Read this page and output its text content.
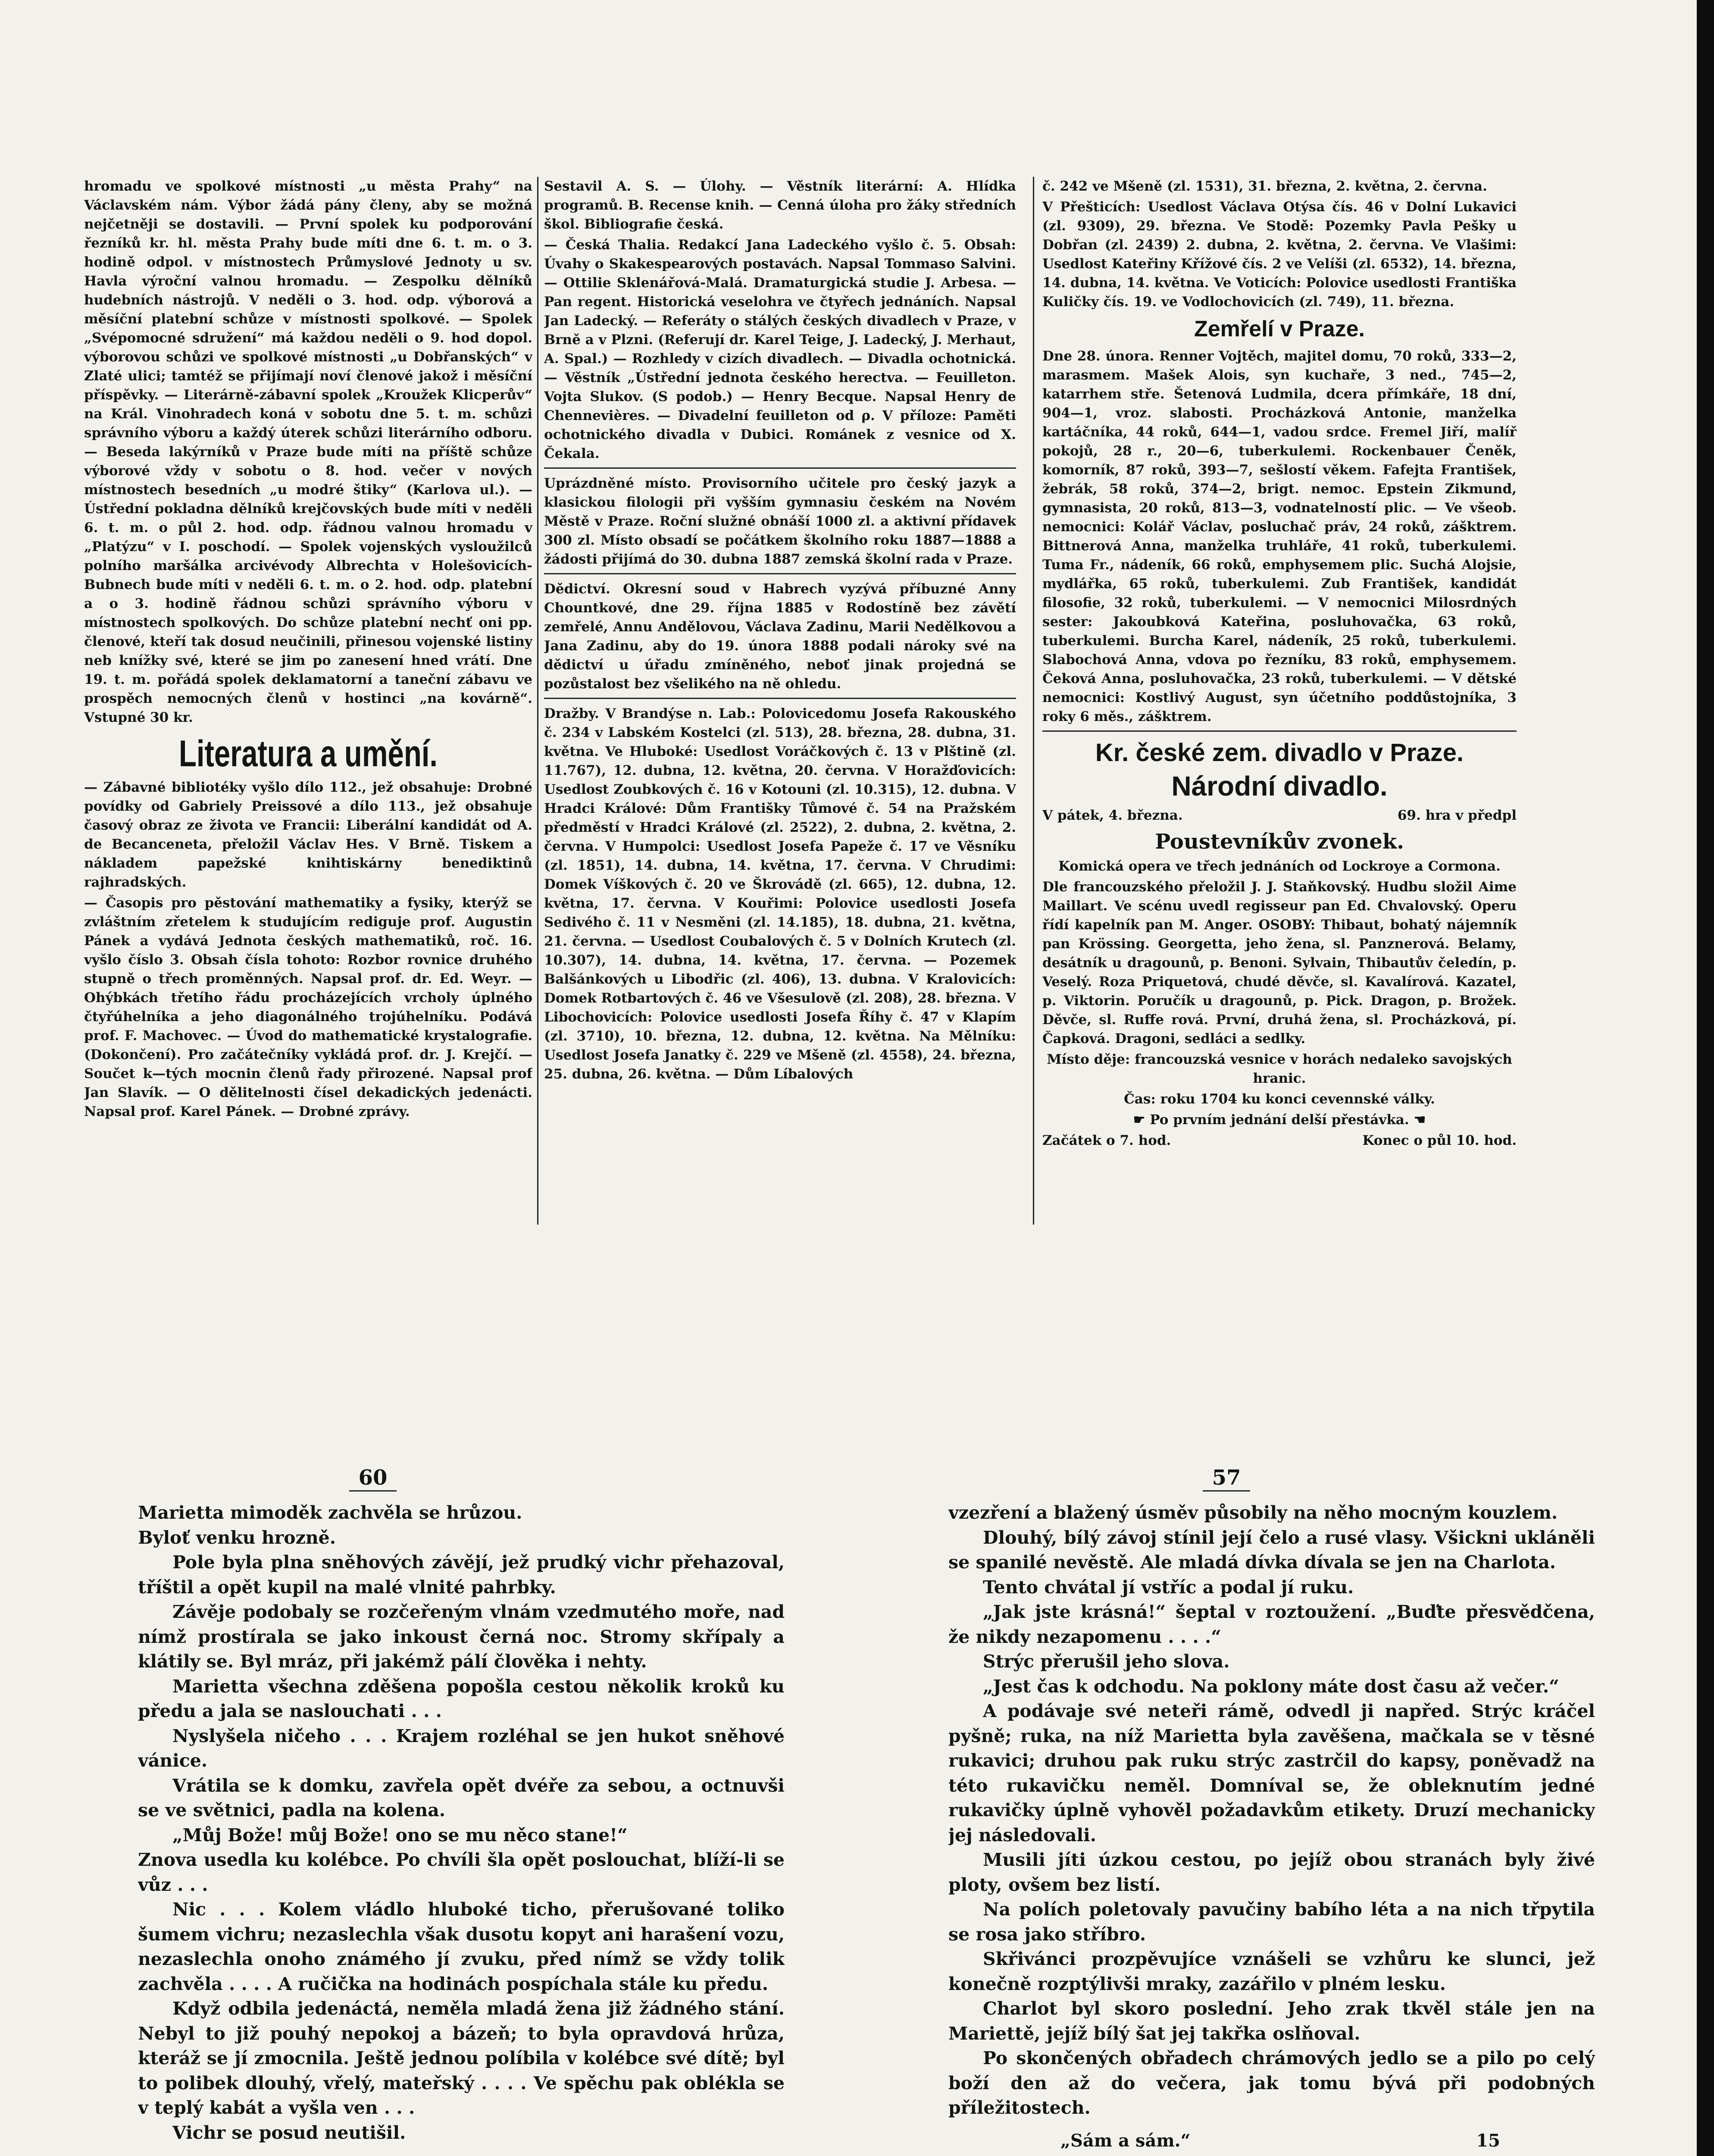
hromadu ve spolkové místnosti „u města Prahy“ na Václavském nám. Výbor žádá pány členy, aby se možná nejčetněji se dostavili. — První spolek ku podporování řezníků kr. hl. města Prahy bude míti dne 6. t. m. o 3. hodině odpol. v místnostech Průmyslové Jednoty u sv. Havla výroční valnou hromadu. — Zespolku dělníků hudebních nástrojů. V neděli o 3. hod. odp. výborová a měsíční platební schůze v místnosti spolkové. — Spolek „Svépomocné sdružení“ má každou neděli o 9. hod dopol. výborovou schůzi ve spolkové místnosti „u Dobřanských“ v Zlaté ulici; tamtéž se přijímají noví členové jakož i měsíční příspěvky. — Literárně-zábavní spolek „Kroužek Klicperův“ na Král. Vinohradech koná v sobotu dne 5. t. m. schůzi správního výboru a každý úterek schůzi literárního odboru. — Beseda lakýrníků v Praze bude míti na příště schůze výborové vždy v sobotu o 8. hod. večer v nových místnostech besedních „u modré štiky“ (Karlova ul.). — Ústřední pokladna dělníků krejčovských bude míti v neděli 6. t. m. o půl 2. hod. odp. řádnou valnou hromadu v „Platýzu“ v I. poschodí. — Spolek vojenských vysloužilců polního maršálka arcivévody Albrechta v Holešovicích-Bubnech bude míti v neděli 6. t. m. o 2. hod. odp. platební a o 3. hodině řádnou schůzi správního výboru v místnostech spolkových. Do schůze platební nechť oni pp. členové, kteří tak dosud neučinili, přinesou vojenské listiny neb knížky své, které se jim po zanesení hned vrátí. Dne 19. t. m. pořádá spolek deklamatorní a taneční zábavu ve prospěch nemocných členů v hostinci „na kovárně“. Vstupné 30 kr.

Literatura a umění.

— Zábavné bibliotéky vyšlo dílo 112., jež obsahuje: Drobné povídky od Gabriely Preissové a dílo 113., jež obsahuje časový obraz ze života ve Francii: Liberální kandidát od A. de Becanceneta, přeložil Václav Hes. V Brně. Tiskem a nákladem papežské knihtiskárny benediktinů rajhradských.

— Časopis pro pěstování mathematiky a fysiky, kterýž se zvláštním zřetelem k studujícím rediguje prof. Augustin Pánek a vydává Jednota českých mathematiků, roč. 16. vyšlo číslo 3. Obsah čísla tohoto: Rozbor rovnice druhého stupně o třech proměnných. Napsal prof. dr. Ed. Weyr. — Ohýbkách třetího řádu procházejících vrcholy úplného čtyřúhelníka a jeho diagonálného trojúhelníku. Podává prof. F. Machovec. — Úvod do mathematické krystalografie. (Dokončení). Pro začátečníky vykládá prof. dr. J. Krejčí. — Součet k—tých mocnin členů řady přirozené. Napsal prof Jan Slavík. — O dělitelnosti čísel dekadických jedenácti. Napsal prof. Karel Pánek. — Drobné zprávy.

Sestavil A. S. — Úlohy. — Věstník literární: A. Hlídka programů. B. Recense knih. — Cenná úloha pro žáky středních škol. Bibliografie česká.

— Česká Thalia. Redakcí Jana Ladeckého vyšlo č. 5. Obsah: Úvahy o Skakespearových postavách. Napsal Tommaso Salvini. — Ottilie Sklenářová-Malá. Dramaturgická studie J. Arbesa. — Pan regent. Historická veselohra ve čtyřech jednáních. Napsal Jan Ladecký. — Referáty o stálých českých divadlech v Praze, v Brně a v Plzni. (Referují dr. Karel Teige, J. Ladecký, J. Merhaut, A. Spal.) — Rozhledy v cizích divadlech. — Divadla ochotnická. — Věstník „Ústřední jednota českého herectva. — Feuilleton. Vojta Slukov. (S podob.) — Henry Becque. Napsal Henry de Chennevières. — Divadelní feuilleton od ρ. V příloze: Paměti ochotnického divadla v Dubici. Románek z vesnice od X. Čekala.

Uprázdněné místo. Provisorního učitele pro český jazyk a klasickou filologii při vyšším gymnasiu českém na Novém Městě v Praze. Roční služné obnáší 1000 zl. a aktivní přídavek 300 zl. Místo obsadí se počátkem školního roku 1887—1888 a žádosti přijímá do 30. dubna 1887 zemská školní rada v Praze.

Dědictví. Okresní soud v Habrech vyzývá příbuzné Anny Chountkové, dne 29. října 1885 v Rodostíně bez závětí zemřelé, Annu Andělovou, Václava Zadinu, Marii Nedělkovou a Jana Zadinu, aby do 19. února 1888 podali nároky své na dědictví u úřadu zmíněného, neboť jinak projedná se pozůstalost bez všelikého na ně ohledu.

Dražby. V Brandýse n. Lab.: Polovicedomu Josefa Rakouského č. 234 v Labském Kostelci (zl. 513), 28. března, 28. dubna, 31. května. Ve Hluboké: Usedlost Voráčkových č. 13 v Plštině (zl. 11.767), 12. dubna, 12. května, 20. června. V Horažďovicích: Usedlost Zoubkových č. 16 v Kotouni (zl. 10.315), 12. dubna. V Hradci Králové: Dům Františky Tůmové č. 54 na Pražském předměstí v Hradci Králové (zl. 2522), 2. dubna, 2. května, 2. června. V Humpolci: Usedlost Josefa Papeže č. 17 ve Věsníku (zl. 1851), 14. dubna, 14. května, 17. června. V Chrudimi: Domek Víškových č. 20 ve Škrovádě (zl. 665), 12. dubna, 12. května, 17. června. V Kouřimi: Polovice usedlosti Josefa Sedivého č. 11 v Nesměni (zl. 14.185), 18. dubna, 21. května, 21. června. — Usedlost Coubalových č. 5 v Dolních Krutech (zl. 10.307), 14. dubna, 14. května, 17. června. — Pozemek Balšánkových u Libodřic (zl. 406), 13. dubna. V Kralovicích: Domek Rotbartových č. 46 ve Všesulově (zl. 208), 28. března. V Libochovicích: Polovice usedlosti Josefa Říhy č. 47 v Klapím (zl. 3710), 10. března, 12. dubna, 12. května. Na Mělníku: Usedlost Josefa Janatky č. 229 ve Mšeně (zl. 4558), 24. března, 25. dubna, 26. května. — Dům Líbalových

č. 242 ve Mšeně (zl. 1531), 31. března, 2. května, 2. června.

V Přešticích: Usedlost Václava Otýsa čís. 46 v Dolní Lukavici (zl. 9309), 29. března. Ve Stodě: Pozemky Pavla Pešky u Dobřan (zl. 2439) 2. dubna, 2. května, 2. června. Ve Vlašimi: Usedlost Kateřiny Křížové čís. 2 ve Velíši (zl. 6532), 14. března, 14. dubna, 14. května. Ve Voticích: Polovice usedlosti Františka Kuličky čís. 19. ve Vodlochovicích (zl. 749), 11. března.

Zemřelí v Praze.

Dne 28. února. Renner Vojtěch, majitel domu, 70 roků, 333—2, marasmem. Mašek Alois, syn kuchaře, 3 ned., 745—2, katarrhem stře. Šetenová Ludmila, dcera přímkáře, 18 dní, 904—1, vroz. slabosti. Procházková Antonie, manželka kartáčníka, 44 roků, 644—1, vadou srdce. Fremel Jiří, malíř pokojů, 28 r., 20—6, tuberkulemi. Rockenbauer Čeněk, komorník, 87 roků, 393—7, sešlostí věkem. Fafejta František, žebrák, 58 roků, 374—2, brigt. nemoc. Epstein Zikmund, gymnasista, 20 roků, 813—3, vodnatelností plic. — Ve všeob. nemocnici: Kolář Václav, posluchač práv, 24 roků, zášktrem. Bittnerová Anna, manželka truhláře, 41 roků, tuberkulemi. Tuma Fr., nádeník, 66 roků, emphysemem plic. Suchá Alojsie, mydlářka, 65 roků, tuberkulemi. Zub František, kandidát filosofie, 32 roků, tuberkulemi. — V nemocnici Milosrdných sester: Jakoubková Kateřina, posluhovačka, 63 roků, tuberkulemi. Burcha Karel, nádeník, 25 roků, tuberkulemi. Slabochová Anna, vdova po řezníku, 83 roků, emphysemem. Čeková Anna, posluhovačka, 23 roků, tuberkulemi. — V dětské nemocnici: Kostlivý August, syn účetního poddůstojníka, 3 roky 6 měs., zášktrem.

Kr. české zem. divadlo v Praze.
Národní divadlo.
V pátek, 4. března.	69. hra v předpl
Poustevníkův zvonek.

Komická opera ve třech jednáních od Lockroye a Cormona.

Dle francouzského přeložil J. J. Staňkovský. Hudbu složil Aime Maillart. Ve scénu uvedl regisseur pan Ed. Chvalovský. Operu řídí kapelník pan M. Anger. OSOBY: Thibaut, bohatý nájemník pan Krössing. Georgetta, jeho žena, sl. Panznerová. Belamy, desátník u dragounů, p. Benoni. Sylvain, Thibautův čeledín, p. Veselý. Roza Priquetová, chudé děvče, sl. Kavalírová. Kazatel, p. Viktorin. Poručík u dragounů, p. Pick. Dragon, p. Brožek. Děvče, sl. Ruffe rová. První, druhá žena, sl. Procházková, pí. Čapková. Dragoni, sedláci a sedlky.

Místo děje: francouzská vesnice v horách nedaleko savojských hranic.

Čas: roku 1704 ku konci cevennské války.

☛ Po prvním jednání delší přestávka. ☚

Začátek o 7. hod.	Konec o půl 10. hod.
60	57

Marietta mimoděk zachvěla se hrůzou.

Byloť venku hrozně.

Pole byla plna sněhových závějí, jež prudký vichr přehazoval, tříštil a opět kupil na malé vlnité pahrbky.

Závěje podobaly se rozčeřeným vlnám vzedmutého moře, nad nímž prostírala se jako inkoust černá noc. Stromy skřípaly a klátily se. Byl mráz, při jakémž pálí člověka i nehty.

Marietta všechna zděšena popošla cestou několik kroků ku předu a jala se naslouchati . . .

Nyslyšela ničeho . . . Krajem rozléhal se jen hukot sněhové vánice.

Vrátila se k domku, zavřela opět dvéře za sebou, a octnuvši se ve světnici, padla na kolena.

„Můj Bože! můj Bože! ono se mu něco stane!“

Znova usedla ku kolébce. Po chvíli šla opět poslouchat, blíží-li se vůz . . .

Nic . . . Kolem vládlo hluboké ticho, přerušované toliko šumem vichru; nezaslechla však dusotu kopyt ani harašení vozu, nezaslechla onoho známého jí zvuku, před nímž se vždy tolik zachvěla . . . . A ručička na hodinách pospíchala stále ku předu.

Když odbila jedenáctá, neměla mladá žena již žádného stání. Nebyl to již pouhý nepokoj a bázeň; to byla opravdová hrůza, kteráž se jí zmocnila. Ještě jednou políbila v kolébce své dítě; byl to polibek dlouhý, vřelý, mateřský . . . . Ve spěchu pak oblékla se v teplý kabát a vyšla ven . . .

Vichr se posud neutišil.

vzezření a blažený úsměv působily na něho mocným kouzlem.

Dlouhý, bílý závoj stínil její čelo a rusé vlasy. Všickni ukláněli se spanilé nevěstě. Ale mladá dívka dívala se jen na Charlota.

Tento chvátal jí vstříc a podal jí ruku.

„Jak jste krásná!“ šeptal v roztoužení. „Buďte přesvědčena, že nikdy nezapomenu . . . .“

Strýc přerušil jeho slova.

„Jest čas k odchodu. Na poklony máte dost času až večer.“

A podávaje své neteři rámě, odvedl ji napřed. Strýc kráčel pyšně; ruka, na níž Marietta byla zavěšena, mačkala se v těsné rukavici; druhou pak ruku strýc zastrčil do kapsy, poněvadž na této rukavičku neměl. Domníval se, že obleknutím jedné rukavičky úplně vyhověl požadavkům etikety. Druzí mechanicky jej následovali.

Musili jíti úzkou cestou, po jejíž obou stranách byly živé ploty, ovšem bez listí.

Na polích poletovaly pavučiny babího léta a na nich třpytila se rosa jako stříbro.

Skřivánci prozpěvujíce vznášeli se vzhůru ke slunci, jež konečně rozptýlivši mraky, zazářilo v plném lesku.

Charlot byl skoro poslední. Jeho zrak tkvěl stále jen na Mariettě, jejíž bílý šat jej takřka oslňoval.

Po skončených obřadech chrámových jedlo se a pilo po celý boží den až do večera, jak tomu bývá při podobných příležitostech.

„Sám a sám.“	15
